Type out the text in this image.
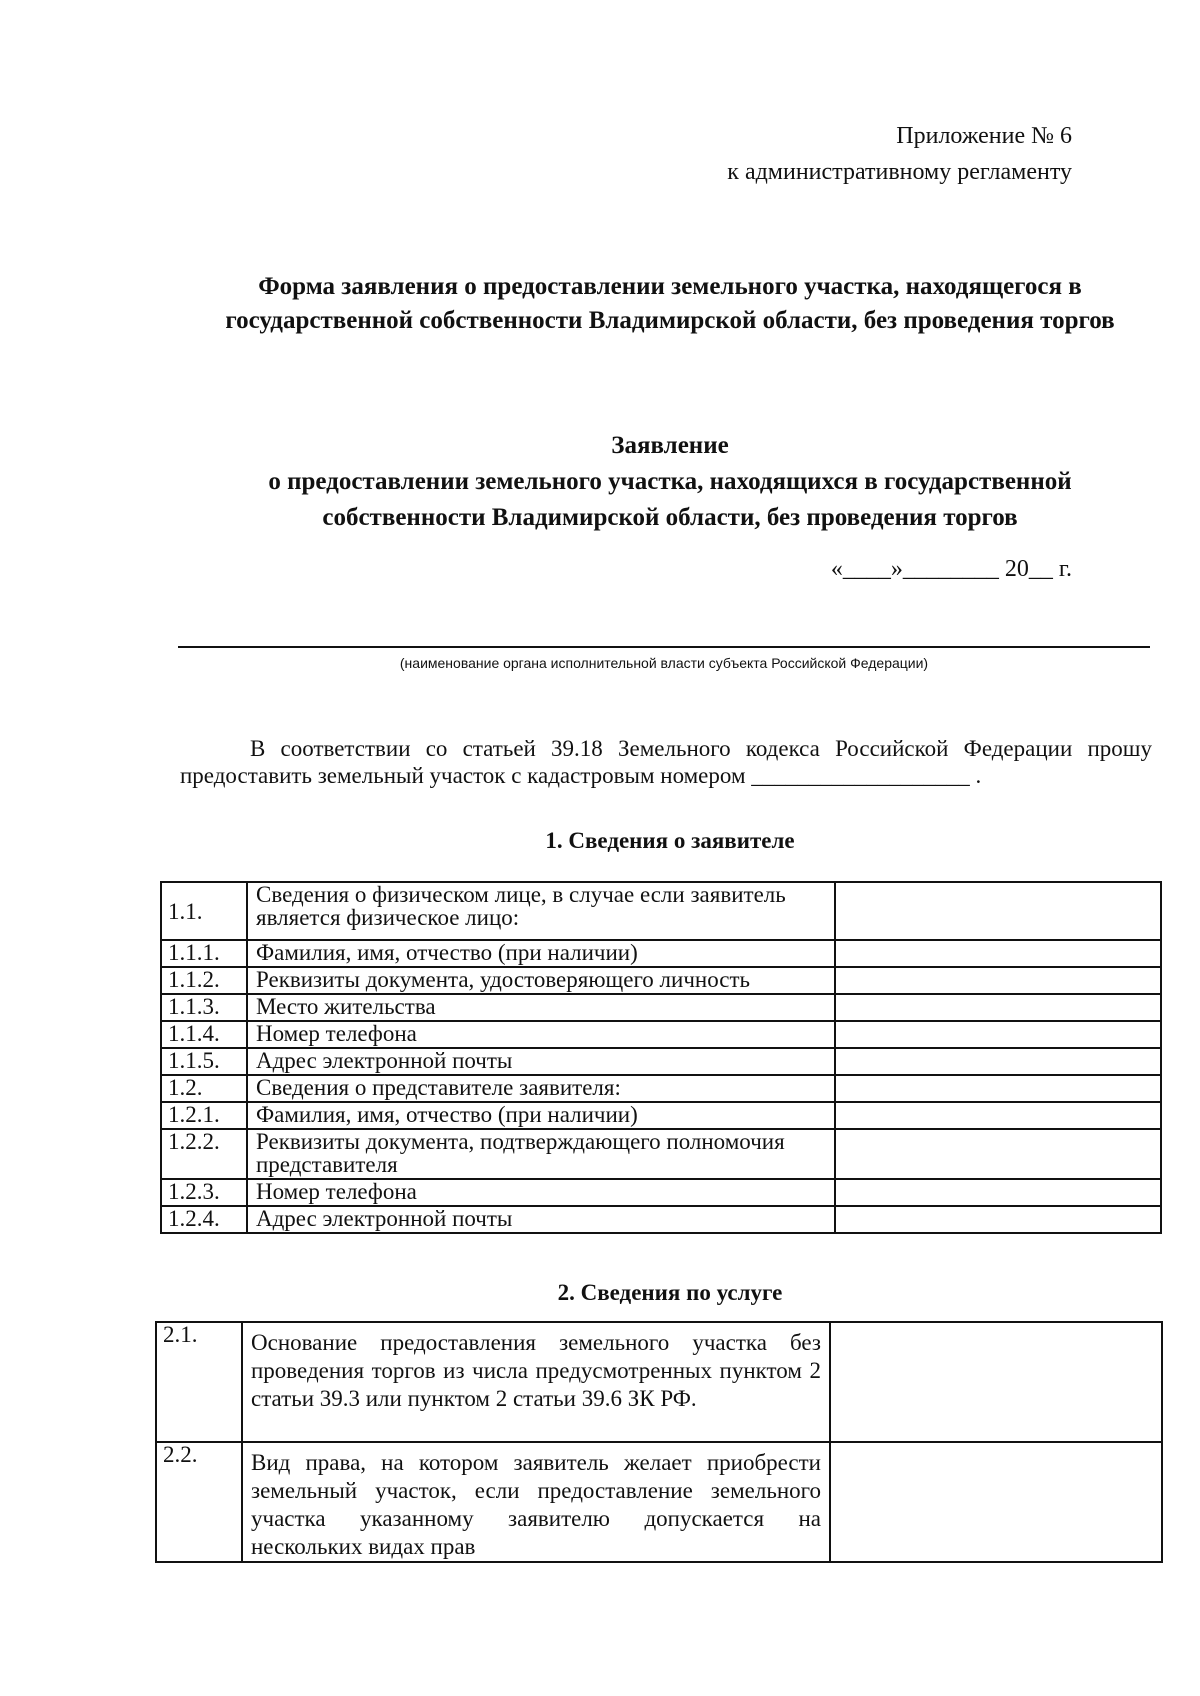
Приложение № 6
к административному регламенту
Форма заявления о предоставлении земельного участка, находящегося в государственной собственности Владимирской области, без проведения торгов
Заявление
о предоставлении земельного участка, находящихся в государственной собственности Владимирской области, без проведения торгов
«____»________ 20__ г.
(наименование органа исполнительной власти субъекта Российской Федерации)
В соответствии со статьей 39.18 Земельного кодекса Российской Федерации прошу
предоставить земельный участок с кадастровым номером ___________________ .
1. Сведения о заявителе
1.1.	Сведения о физическом лице, в случае если заявитель является физическое лицо:	
1.1.1.	Фамилия, имя, отчество (при наличии)	
1.1.2.	Реквизиты документа, удостоверяющего личность	
1.1.3.	Место жительства	
1.1.4.	Номер телефона	
1.1.5.	Адрес электронной почты	
1.2.	Сведения о представителе заявителя:	
1.2.1.	Фамилия, имя, отчество (при наличии)	
1.2.2.	Реквизиты документа, подтверждающего полномочия представителя	
1.2.3.	Номер телефона	
1.2.4.	Адрес электронной почты	
2. Сведения по услуге
2.1.	Основание предоставления земельного участка без проведения торгов из числа предусмотренных пунктом 2 статьи 39.3 или пунктом 2 статьи 39.6 ЗК РФ.	
2.2.	Вид права, на котором заявитель желает приобрести земельный участок, если предоставление земельного участка указанному заявителю допускается на нескольких видах прав	
